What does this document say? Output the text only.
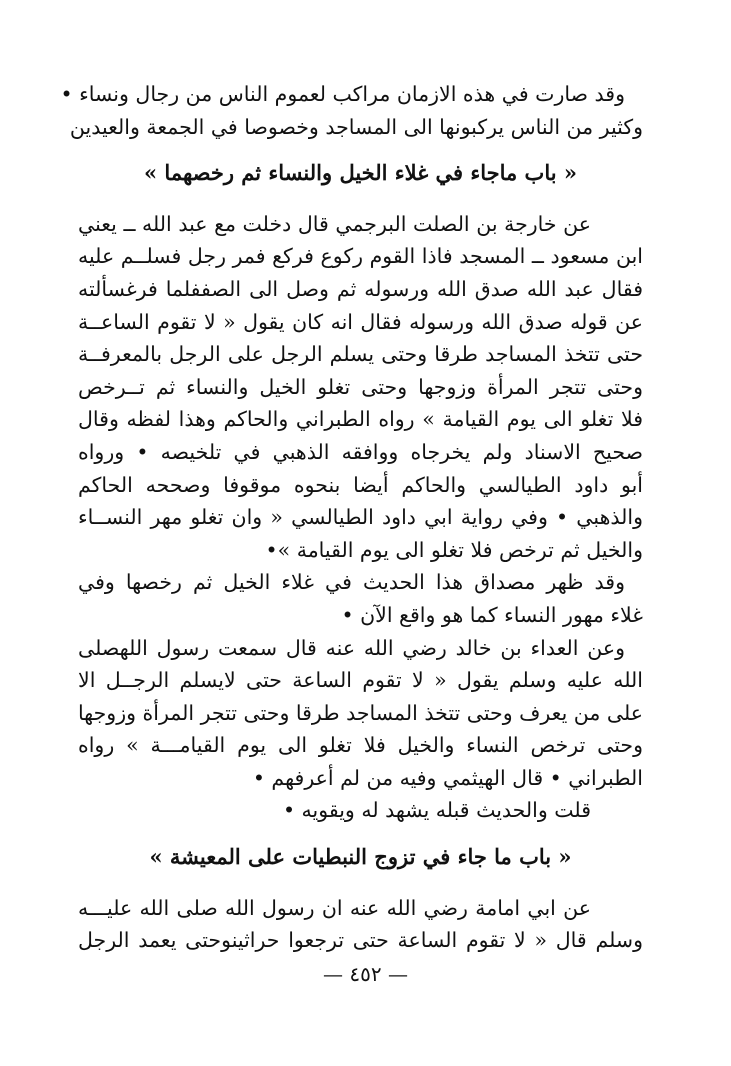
وقد صارت في هذه الازمان مراكب لعموم الناس من رجال ونساء •
وكثير من الناس يركبونها الى المساجد وخصوصا في الجمعة والعيدين
« باب ماجاء في غلاء الخيل والنساء ثم رخصهما »
عن خارجة بن الصلت البرجمي قال دخلت مع عبد الله ــ يعني
ابن مسعود ــ المسجد فاذا القوم ركوع فركع فمر رجل فسلــم عليه
فقال عبد الله صدق الله ورسوله ثم وصل الى الصففلما فرغسألته
عن قوله صدق الله ورسوله فقال انه كان يقول « لا تقوم الساعــة
حتى تتخذ المساجد طرقا وحتى يسلم الرجل على الرجل بالمعرفــة
وحتى تتجر المرأة وزوجها وحتى تغلو الخيل والنساء ثم تــرخص
فلا تغلو الى يوم القيامة » رواه الطبراني والحاكم وهذا لفظه وقال
صحيح الاسناد ولم يخرجاه ووافقه الذهبي في تلخيصه • ورواه
أبو داود الطيالسي والحاكم أيضا بنحوه موقوفا وصححه الحاكم
والذهبي • وفي رواية ابي داود الطيالسي « وان تغلو مهر النســاء
والخيل ثم ترخص فلا تغلو الى يوم القيامة »•
وقد ظهر مصداق هذا الحديث في غلاء الخيل ثم رخصها وفي
غلاء مهور النساء كما هو واقع الآن •
وعن العداء بن خالد رضي الله عنه قال سمعت رسول اللهصلى
الله عليه وسلم يقول « لا تقوم الساعة حتى لايسلم الرجــل الا
على من يعرف وحتى تتخذ المساجد طرقا وحتى تتجر المرأة وزوجها
وحتى ترخص النساء والخيل فلا تغلو الى يوم القيامـــة » رواه
الطبراني • قال الهيثمي وفيه من لم أعرفهم •
قلت والحديث قبله يشهد له ويقويه •
« باب ما جاء في تزوج النبطيات على المعيشة »
عن ابي امامة رضي الله عنه ان رسول الله صلى الله عليـــه
وسلم قال « لا تقوم الساعة حتى ترجعوا حراثينوحتى يعمد الرجل
— ٤٥٢ —
